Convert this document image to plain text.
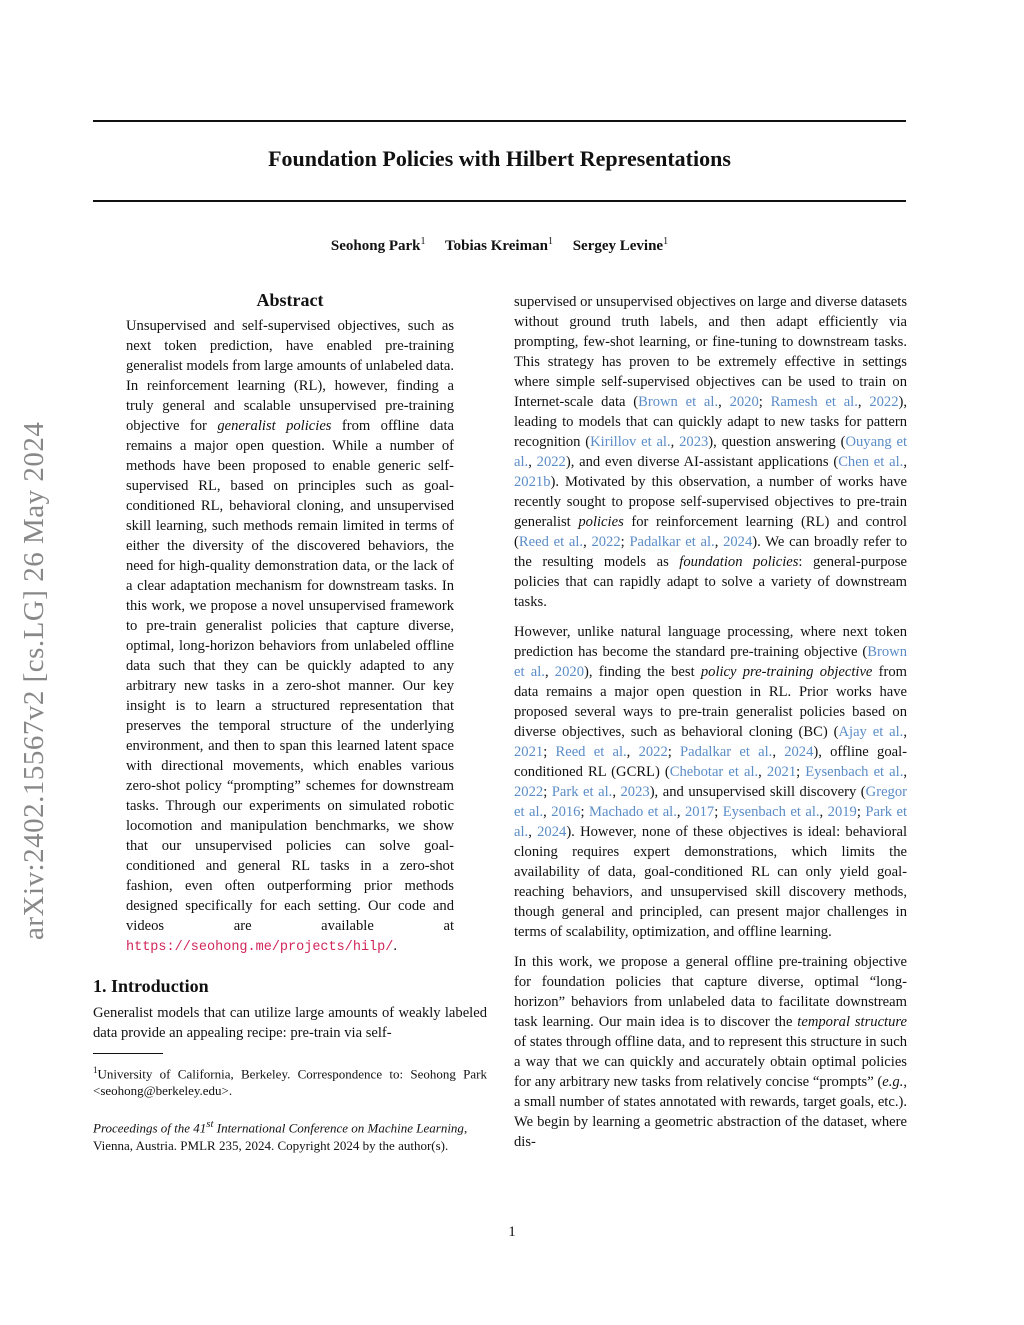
Foundation Policies with Hilbert Representations
Seohong Park$^1$ Tobias Kreiman$^1$ Sergey Levine$^1$
arXiv:2402.15567v2 [cs.LG] 26 May 2024
Abstract

Unsupervised and self-supervised objectives, such as next token prediction, have enabled pre-training generalist models from large amounts of unlabeled data. In reinforcement learning (RL), however, finding a truly general and scalable unsupervised pre-training objective for generalist policies from offline data remains a major open question. While a number of methods have been proposed to enable generic self-supervised RL, based on principles such as goal-conditioned RL, behavioral cloning, and unsupervised skill learning, such methods remain limited in terms of either the diversity of the discovered behaviors, the need for high-quality demonstration data, or the lack of a clear adaptation mechanism for downstream tasks. In this work, we propose a novel unsupervised framework to pre-train generalist policies that capture diverse, optimal, long-horizon behaviors from unlabeled offline data such that they can be quickly adapted to any arbitrary new tasks in a zero-shot manner. Our key insight is to learn a structured representation that preserves the temporal structure of the underlying environment, and then to span this learned latent space with directional movements, which enables various zero-shot policy “prompting” schemes for downstream tasks. Through our experiments on simulated robotic locomotion and manipulation benchmarks, we show that our unsupervised policies can solve goal-conditioned and general RL tasks in a zero-shot fashion, even often outperforming prior methods designed specifically for each setting. Our code and videos are available at https://seohong.me/projects/hilp/.

1. Introduction

Generalist models that can utilize large amounts of weakly labeled data provide an appealing recipe: pre-train via self-

$^1$University of California, Berkeley. Correspondence to: Seohong Park <seohong@berkeley.edu>.

Proceedings of the 41st International Conference on Machine Learning, Vienna, Austria. PMLR 235, 2024. Copyright 2024 by the author(s).

supervised or unsupervised objectives on large and diverse datasets without ground truth labels, and then adapt efficiently via prompting, few-shot learning, or fine-tuning to downstream tasks. This strategy has proven to be extremely effective in settings where simple self-supervised objectives can be used to train on Internet-scale data (Brown et al., 2020; Ramesh et al., 2022), leading to models that can quickly adapt to new tasks for pattern recognition (Kirillov et al., 2023), question answering (Ouyang et al., 2022), and even diverse AI-assistant applications (Chen et al., 2021b). Motivated by this observation, a number of works have recently sought to propose self-supervised objectives to pre-train generalist policies for reinforcement learning (RL) and control (Reed et al., 2022; Padalkar et al., 2024). We can broadly refer to the resulting models as foundation policies: general-purpose policies that can rapidly adapt to solve a variety of downstream tasks.

However, unlike natural language processing, where next token prediction has become the standard pre-training objective (Brown et al., 2020), finding the best policy pre-training objective from data remains a major open question in RL. Prior works have proposed several ways to pre-train generalist policies based on diverse objectives, such as behavioral cloning (BC) (Ajay et al., 2021; Reed et al., 2022; Padalkar et al., 2024), offline goal-conditioned RL (GCRL) (Chebotar et al., 2021; Eysenbach et al., 2022; Park et al., 2023), and unsupervised skill discovery (Gregor et al., 2016; Machado et al., 2017; Eysenbach et al., 2019; Park et al., 2024). However, none of these objectives is ideal: behavioral cloning requires expert demonstrations, which limits the availability of data, goal-conditioned RL can only yield goal-reaching behaviors, and unsupervised skill discovery methods, though general and principled, can present major challenges in terms of scalability, optimization, and offline learning.

In this work, we propose a general offline pre-training objective for foundation policies that capture diverse, optimal “long-horizon” behaviors from unlabeled data to facilitate downstream task learning. Our main idea is to discover the temporal structure of states through offline data, and to represent this structure in such a way that we can quickly and accurately obtain optimal policies for any arbitrary new tasks from relatively concise “prompts” (e.g., a small number of states annotated with rewards, target goals, etc.). We begin by learning a geometric abstraction of the dataset, where dis-

1
